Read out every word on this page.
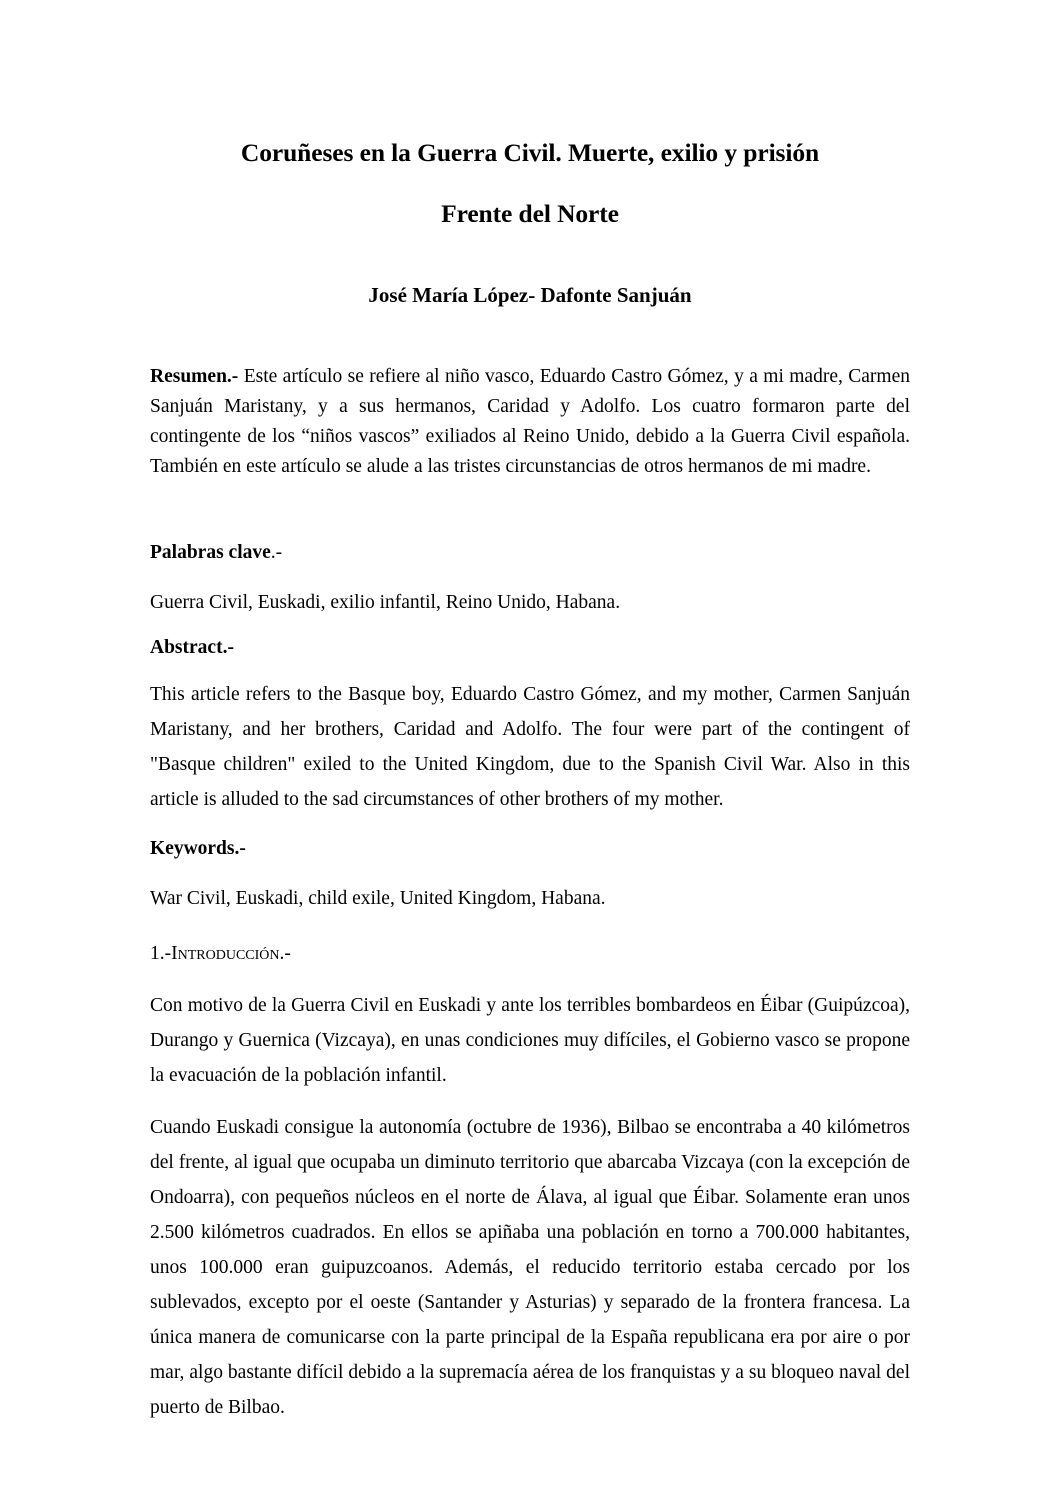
Coruñeses en la Guerra Civil. Muerte, exilio y prisión
Frente del Norte

José María López- Dafonte Sanjuán

Resumen.- Este artículo se refiere al niño vasco, Eduardo Castro Gómez, y a mi madre, Carmen Sanjuán Maristany, y a sus hermanos, Caridad y Adolfo. Los cuatro formaron parte del contingente de los “niños vascos” exiliados al Reino Unido, debido a la Guerra Civil española. También en este artículo se alude a las tristes circunstancias de otros hermanos de mi madre.

Palabras clave.-

Guerra Civil, Euskadi, exilio infantil, Reino Unido, Habana.

Abstract.-

This article refers to the Basque boy, Eduardo Castro Gómez, and my mother, Carmen Sanjuán Maristany, and her brothers, Caridad and Adolfo. The four were part of the contingent of "Basque children" exiled to the United Kingdom, due to the Spanish Civil War. Also in this article is alluded to the sad circumstances of other brothers of my mother.

Keywords.-

War Civil, Euskadi, child exile, United Kingdom, Habana.

1.-Introducción.-

Con motivo de la Guerra Civil en Euskadi y ante los terribles bombardeos en Éibar (Guipúzcoa), Durango y Guernica (Vizcaya), en unas condiciones muy difíciles, el Gobierno vasco se propone la evacuación de la población infantil.

Cuando Euskadi consigue la autonomía (octubre de 1936), Bilbao se encontraba a 40 kilómetros del frente, al igual que ocupaba un diminuto territorio que abarcaba Vizcaya (con la excepción de Ondoarra), con pequeños núcleos en el norte de Álava, al igual que Éibar. Solamente eran unos 2.500 kilómetros cuadrados. En ellos se apiñaba una población en torno a 700.000 habitantes, unos 100.000 eran guipuzcoanos. Además, el reducido territorio estaba cercado por los sublevados, excepto por el oeste (Santander y Asturias) y separado de la frontera francesa. La única manera de comunicarse con la parte principal de la España republicana era por aire o por mar, algo bastante difícil debido a la supremacía aérea de los franquistas y a su bloqueo naval del puerto de Bilbao.
